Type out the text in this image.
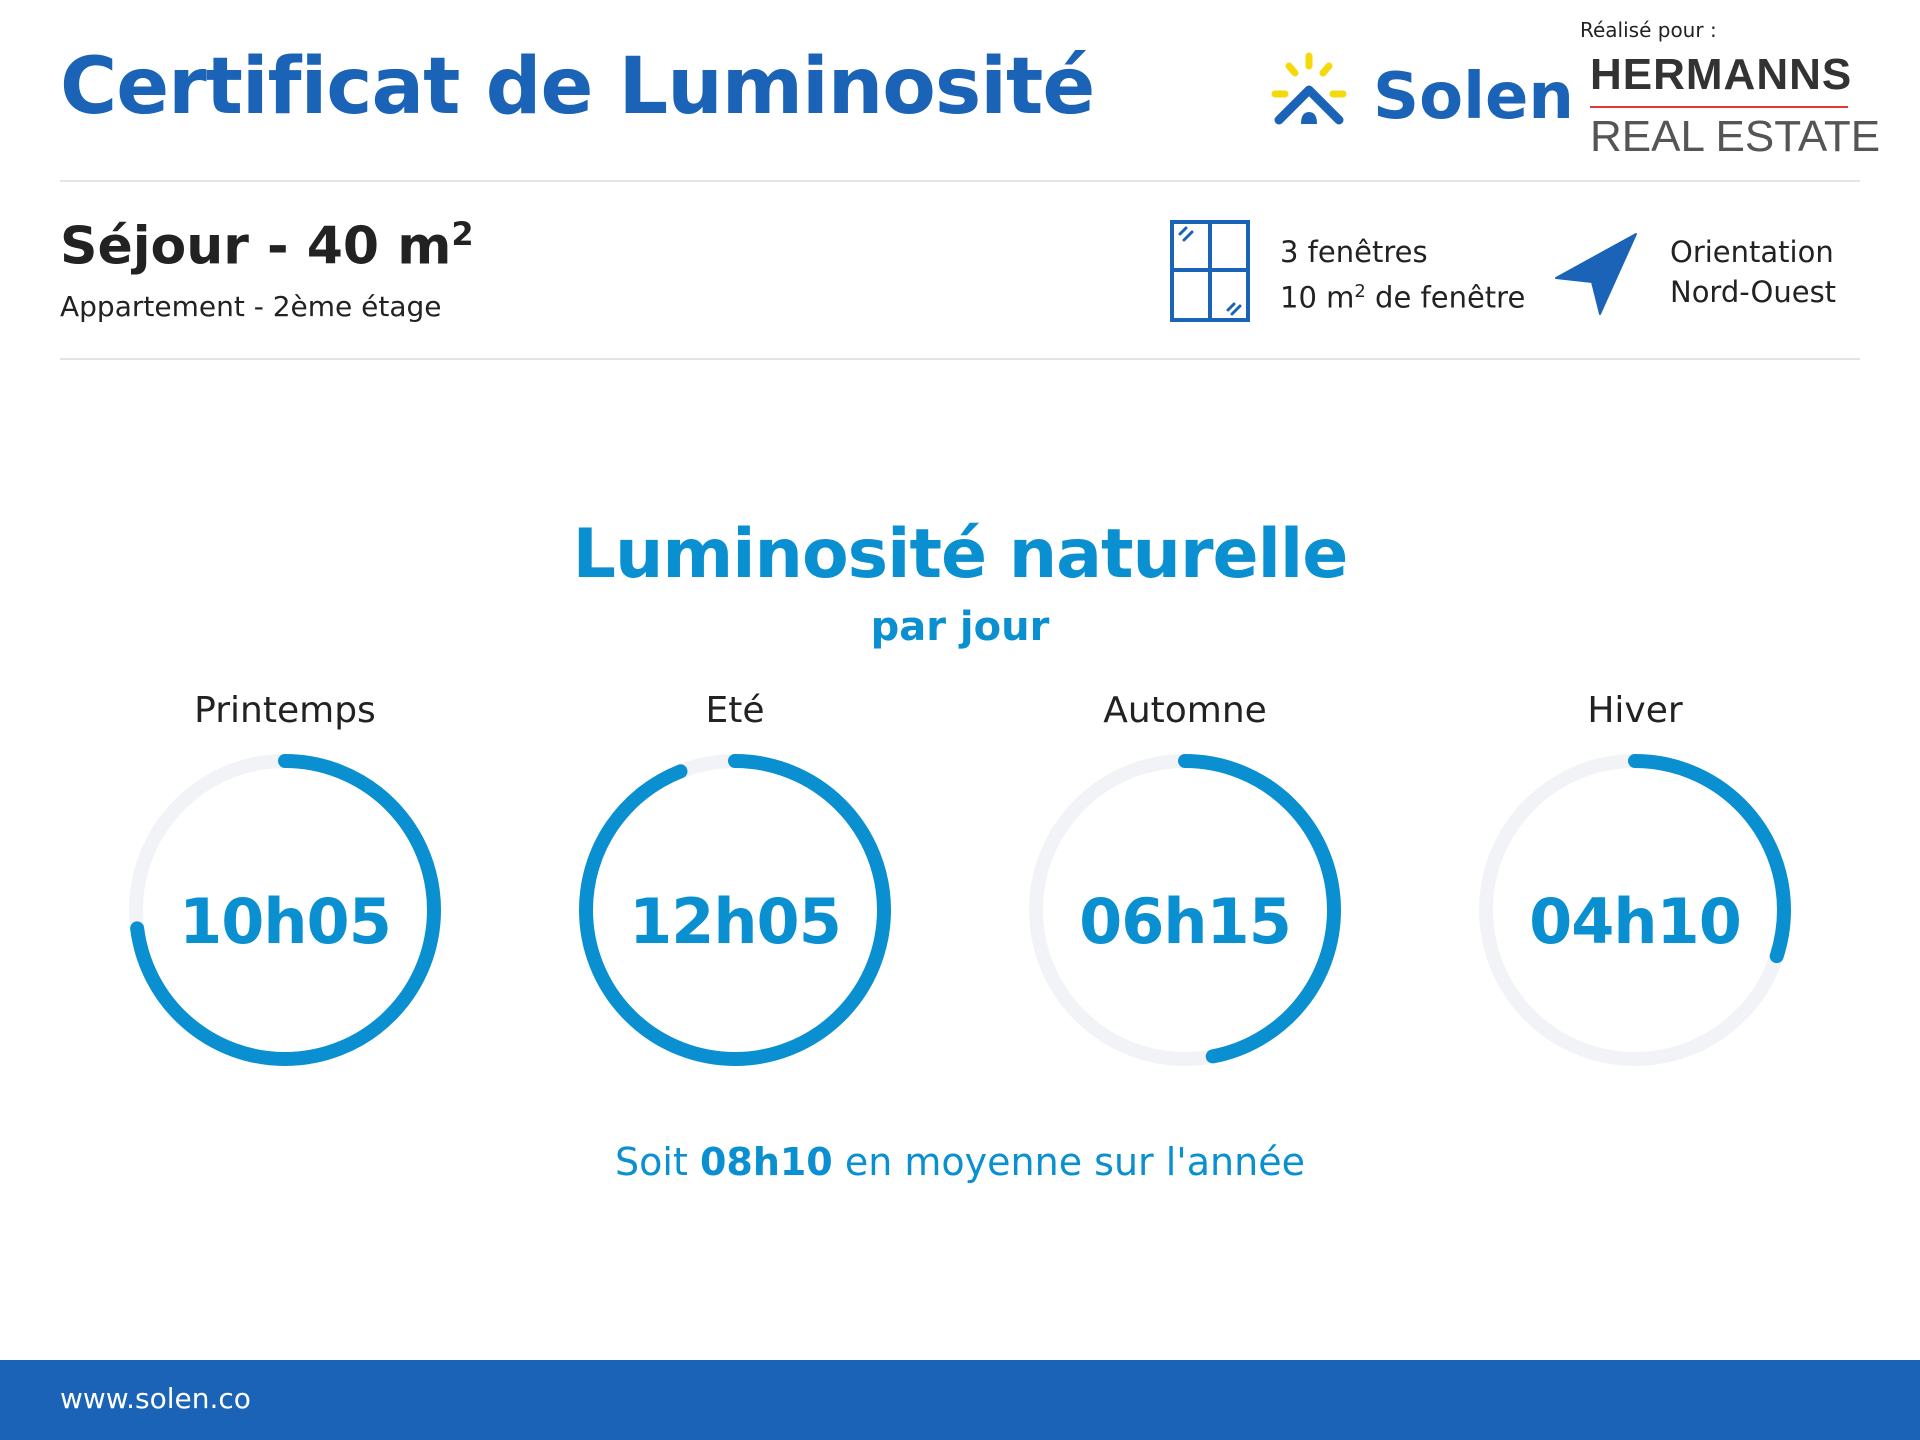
Certificat de Luminosité	Solen
Réalisé pour :
HERMANNS
REAL ESTATE
Séjour - 40 $m^2$
Appartement - 2ème étage
3 fenêtres
10 $m^2$ de fenêtre
Orientation
Nord-Ouest
Luminosité naturelle
par jour
Printemps
10h05
Eté
12h05
Automne
06h15
Hiver
04h10
Soit 08h10 en moyenne sur l'année
www.solen.co
